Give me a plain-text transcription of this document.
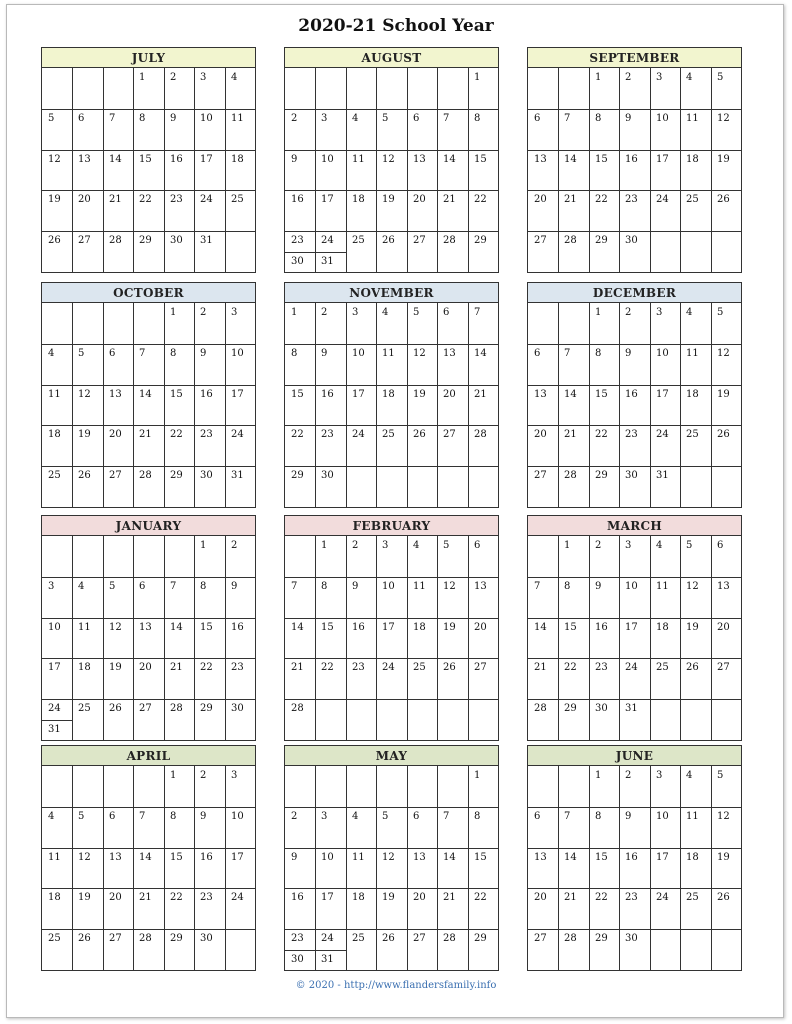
2020-21 School Year
JULY
1 2 3 4
5 6 7 8 9 10 11
12 13 14 15 16 17 18
19 20 21 22 23 24 25
26 27 28 29 30 31
AUGUST
1
2 3 4 5 6 7 8
9 10 11 12 13 14 15
16 17 18 19 20 21 22
23 24 25 26 27 28 29
30 31
SEPTEMBER
1 2 3 4 5
6 7 8 9 10 11 12
13 14 15 16 17 18 19
20 21 22 23 24 25 26
27 28 29 30
OCTOBER
1 2 3
4 5 6 7 8 9 10
11 12 13 14 15 16 17
18 19 20 21 22 23 24
25 26 27 28 29 30 31
NOVEMBER
1 2 3 4 5 6 7
8 9 10 11 12 13 14
15 16 17 18 19 20 21
22 23 24 25 26 27 28
29 30
DECEMBER
1 2 3 4 5
6 7 8 9 10 11 12
13 14 15 16 17 18 19
20 21 22 23 24 25 26
27 28 29 30 31
JANUARY
1 2
3 4 5 6 7 8 9
10 11 12 13 14 15 16
17 18 19 20 21 22 23
24 25 26 27 28 29 30
31
FEBRUARY
1 2 3 4 5 6
7 8 9 10 11 12 13
14 15 16 17 18 19 20
21 22 23 24 25 26 27
28
MARCH
1 2 3 4 5 6
7 8 9 10 11 12 13
14 15 16 17 18 19 20
21 22 23 24 25 26 27
28 29 30 31
APRIL
1 2 3
4 5 6 7 8 9 10
11 12 13 14 15 16 17
18 19 20 21 22 23 24
25 26 27 28 29 30
MAY
1
2 3 4 5 6 7 8
9 10 11 12 13 14 15
16 17 18 19 20 21 22
23 24 25 26 27 28 29
30 31
JUNE
1 2 3 4 5
6 7 8 9 10 11 12
13 14 15 16 17 18 19
20 21 22 23 24 25 26
27 28 29 30
© 2020 - http://www.flandersfamily.info
